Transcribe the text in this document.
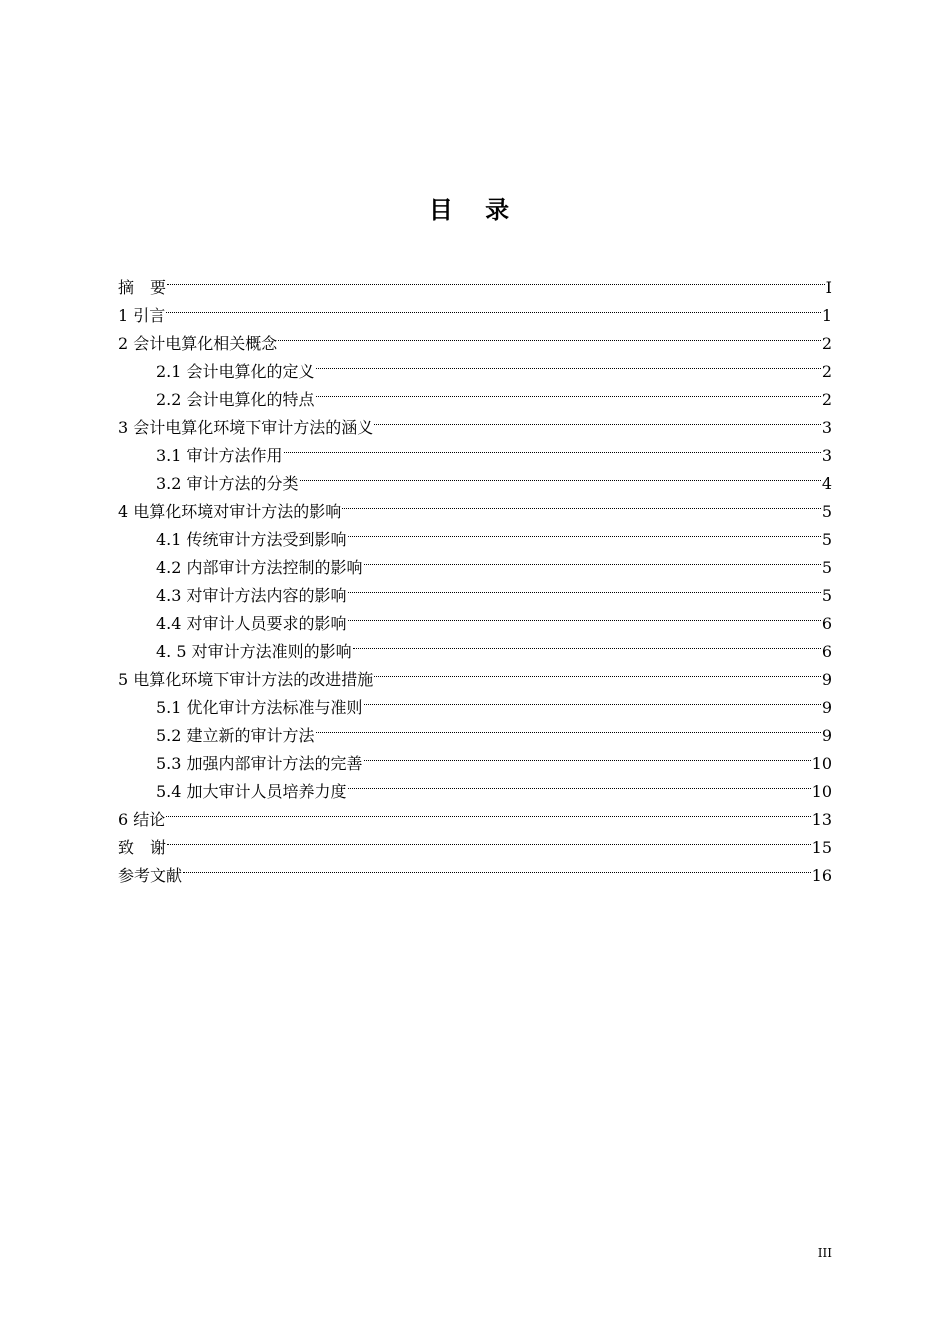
目 录
摘　要	I
1 引言	1
2 会计电算化相关概念	2
2.1 会计电算化的定义	2
2.2 会计电算化的特点	2
3 会计电算化环境下审计方法的涵义	3
3.1 审计方法作用	3
3.2 审计方法的分类	4
4 电算化环境对审计方法的影响	5
4.1 传统审计方法受到影响	5
4.2 内部审计方法控制的影响	5
4.3 对审计方法内容的影响	5
4.4 对审计人员要求的影响	6
4. 5 对审计方法准则的影响	6
5 电算化环境下审计方法的改进措施	9
5.1 优化审计方法标准与准则	9
5.2 建立新的审计方法	9
5.3 加强内部审计方法的完善	10
5.4 加大审计人员培养力度	10
6 结论	13
致　谢	15
参考文献	16
III
